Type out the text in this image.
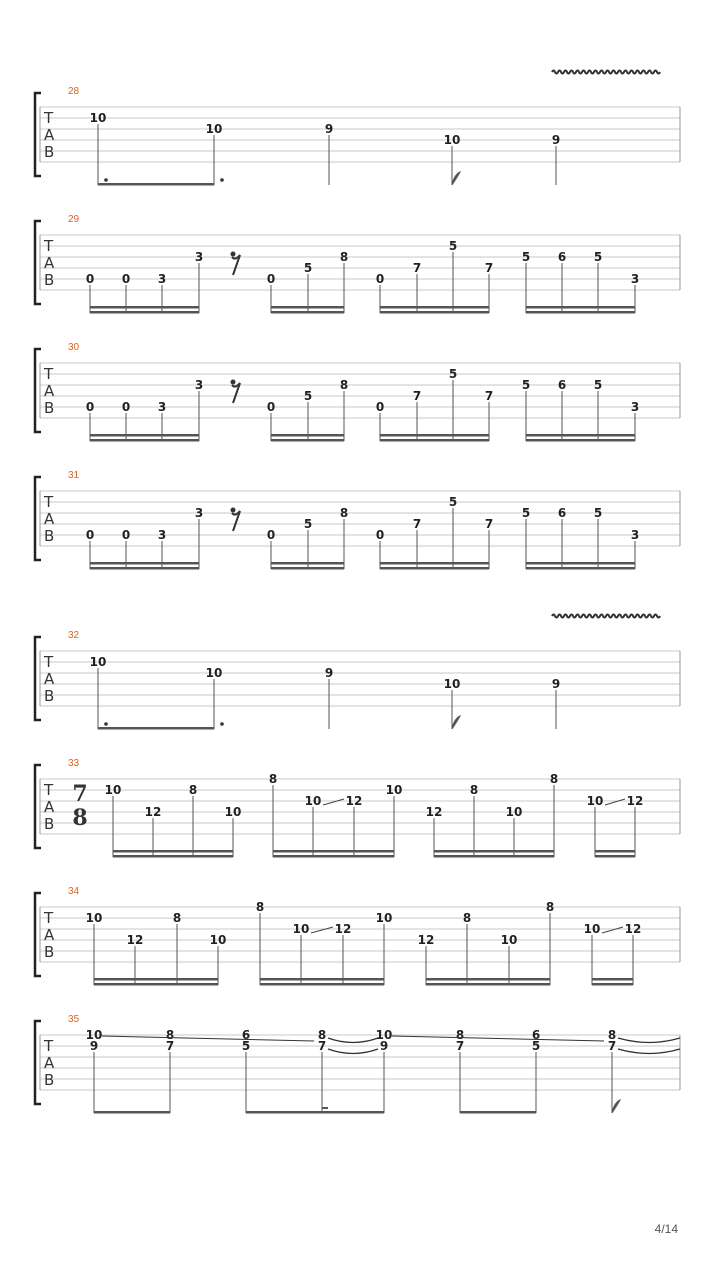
T
A
B
28
10
10	9
10	9
T
A
B
29
0 0 3
3
0
5
8
0
7
5
7
5 6 5
3
T
A
B
30
0 0 3
3
0
5
8
0
7
5
7
5 6 5
3
T
A
B
31
0 0 3
3
0
5
8
0
7
5
7
5 6 5
3
T
A
B
32
10
10	9
10	9
T
A
B
33
7
8
10
12
8
10
8
10 12
10
12
8
10
8
10 12
T
A
B
34
10
12
8
10
8
10 12
10
12
8
10
8
10 12
T
A
B
35
10
9
8
7
6
5
8
7
10
9
8
7
6
5
8
7
4/14
